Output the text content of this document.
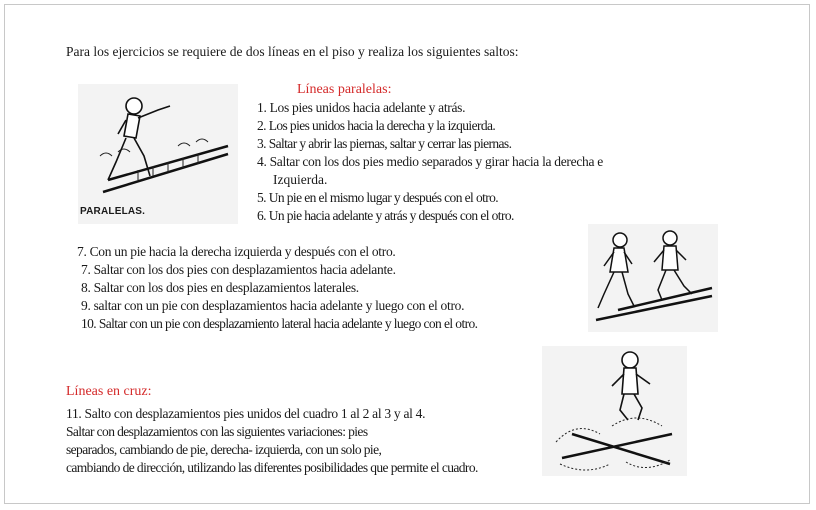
Para los ejercicios se requiere de dos líneas en el piso y realiza los siguientes saltos:
PARALELAS.
Líneas paralelas:
1. Los pies unidos hacia adelante y atrás.
2. Los pies unidos hacia la derecha y la izquierda.
3. Saltar y abrir las piernas, saltar y cerrar las piernas.
4. Saltar con los dos pies medio separados y girar hacia la derecha e
Izquierda.
5. Un pie en el mismo lugar y después con el otro.
6. Un pie hacia adelante y atrás y después con el otro.
7. Con un pie hacia la derecha izquierda y después con el otro.
7. Saltar con los dos pies con desplazamientos hacia adelante.
8. Saltar con los dos pies en desplazamientos laterales.
9. saltar con un pie con desplazamientos hacia adelante y luego con el otro.
10. Saltar con un pie con desplazamiento lateral hacia adelante y luego con el otro.
Líneas en cruz:
11. Salto con desplazamientos pies unidos del cuadro 1 al 2 al 3 y al 4.
Saltar con desplazamientos con las siguientes variaciones: pies
separados, cambiando de pie, derecha- izquierda, con un solo pie,
cambiando de dirección, utilizando las diferentes posibilidades que permite el cuadro.
